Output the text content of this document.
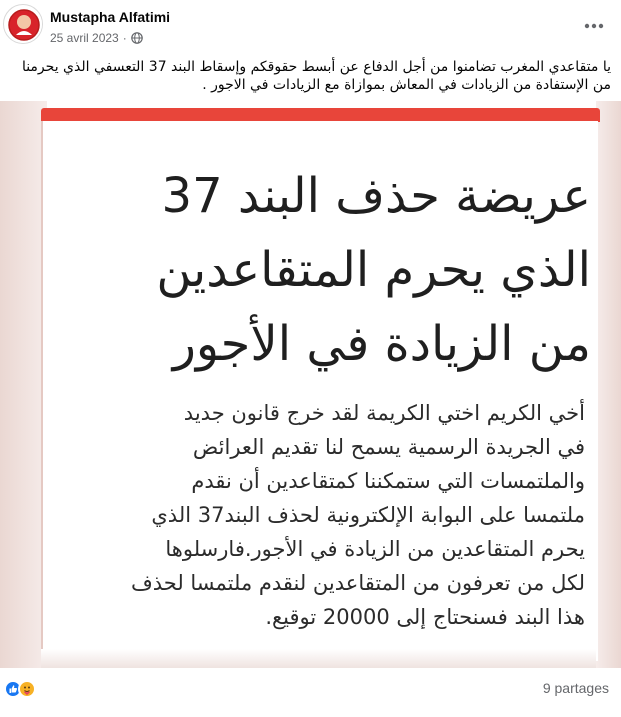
Mustapha Alfatimi
25 avril 2023 ·
يا متقاعدي المغرب تضامنوا من أجل الدفاع عن أبسط حقوقكم وإسقاط البند 37 التعسفي الذي يحرمنا من الإستفادة من الزيادات في المعاش بموازاة مع الزيادات في الاجور .
عريضة حذف البند 37
الذي يحرم المتقاعدين
من الزيادة في الأجور
أخي الكريم اختي الكريمة لقد خرج قانون جديد
في الجريدة الرسمية يسمح لنا تقديم العرائض
والملتمسات التي ستمكننا كمتقاعدين أن نقدم
ملتمسا على البوابة الإلكترونية لحذف البند37 الذي
يحرم المتقاعدين من الزيادة في الأجور.فارسلوها
لكل من تعرفون من المتقاعدين لنقدم ملتمسا لحذف
هذا البند فسنحتاج إلى 20000 توقيع.
9 partages
